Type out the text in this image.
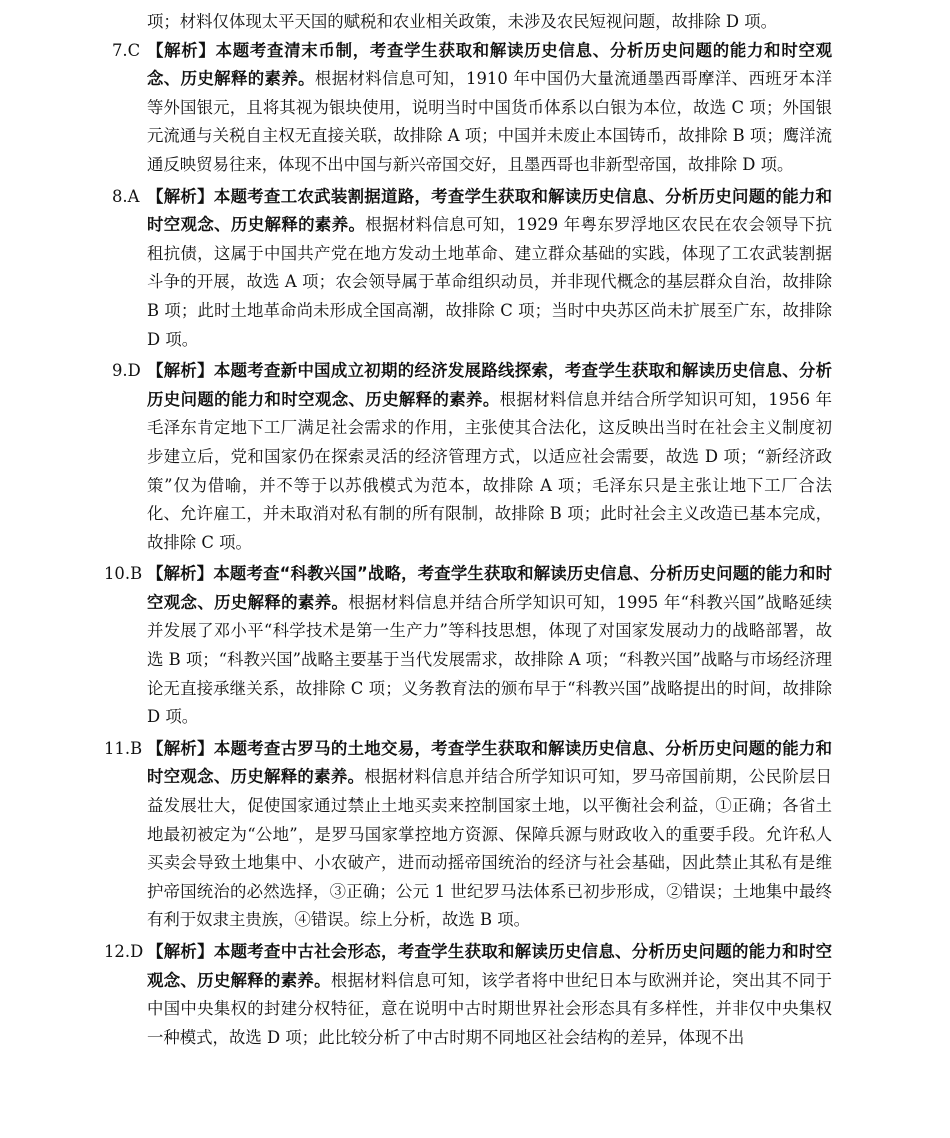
项；材料仅体现太平天国的赋税和农业相关政策，未涉及农民短视问题，故排除 D 项。

7.C 【解析】本题考查清末币制，考查学生获取和解读历史信息、分析历史问题的能力和时空观念、历史解释的素养。根据材料信息可知，1910 年中国仍大量流通墨西哥摩洋、西班牙本洋等外国银元，且将其视为银块使用，说明当时中国货币体系以白银为本位，故选 C 项；外国银元流通与关税自主权无直接关联，故排除 A 项；中国并未废止本国铸币，故排除 B 项；鹰洋流通反映贸易往来，体现不出中国与新兴帝国交好，且墨西哥也非新型帝国，故排除 D 项。

8.A 【解析】本题考查工农武装割据道路，考查学生获取和解读历史信息、分析历史问题的能力和时空观念、历史解释的素养。根据材料信息可知，1929 年粤东罗浮地区农民在农会领导下抗租抗债，这属于中国共产党在地方发动土地革命、建立群众基础的实践，体现了工农武装割据斗争的开展，故选 A 项；农会领导属于革命组织动员，并非现代概念的基层群众自治，故排除 B 项；此时土地革命尚未形成全国高潮，故排除 C 项；当时中央苏区尚未扩展至广东，故排除 D 项。

9.D 【解析】本题考查新中国成立初期的经济发展路线探索，考查学生获取和解读历史信息、分析历史问题的能力和时空观念、历史解释的素养。根据材料信息并结合所学知识可知，1956 年毛泽东肯定地下工厂满足社会需求的作用，主张使其合法化，这反映出当时在社会主义制度初步建立后，党和国家仍在探索灵活的经济管理方式，以适应社会需要，故选 D 项；“新经济政策”仅为借喻，并不等于以苏俄模式为范本，故排除 A 项；毛泽东只是主张让地下工厂合法化、允许雇工，并未取消对私有制的所有限制，故排除 B 项；此时社会主义改造已基本完成，故排除 C 项。

10.B 【解析】本题考查“科教兴国”战略，考查学生获取和解读历史信息、分析历史问题的能力和时空观念、历史解释的素养。根据材料信息并结合所学知识可知，1995 年“科教兴国”战略延续并发展了邓小平“科学技术是第一生产力”等科技思想，体现了对国家发展动力的战略部署，故选 B 项；“科教兴国”战略主要基于当代发展需求，故排除 A 项；“科教兴国”战略与市场经济理论无直接承继关系，故排除 C 项；义务教育法的颁布早于“科教兴国”战略提出的时间，故排除 D 项。

11.B 【解析】本题考查古罗马的土地交易，考查学生获取和解读历史信息、分析历史问题的能力和时空观念、历史解释的素养。根据材料信息并结合所学知识可知，罗马帝国前期，公民阶层日益发展壮大，促使国家通过禁止土地买卖来控制国家土地，以平衡社会利益，①正确；各省土地最初被定为“公地”，是罗马国家掌控地方资源、保障兵源与财政收入的重要手段。允许私人买卖会导致土地集中、小农破产，进而动摇帝国统治的经济与社会基础，因此禁止其私有是维护帝国统治的必然选择，③正确；公元 1 世纪罗马法体系已初步形成，②错误；土地集中最终有利于奴隶主贵族，④错误。综上分析，故选 B 项。

12.D 【解析】本题考查中古社会形态，考查学生获取和解读历史信息、分析历史问题的能力和时空观念、历史解释的素养。根据材料信息可知，该学者将中世纪日本与欧洲并论，突出其不同于中国中央集权的封建分权特征，意在说明中古时期世界社会形态具有多样性，并非仅中央集权一种模式，故选 D 项；此比较分析了中古时期不同地区社会结构的差异，体现不出
